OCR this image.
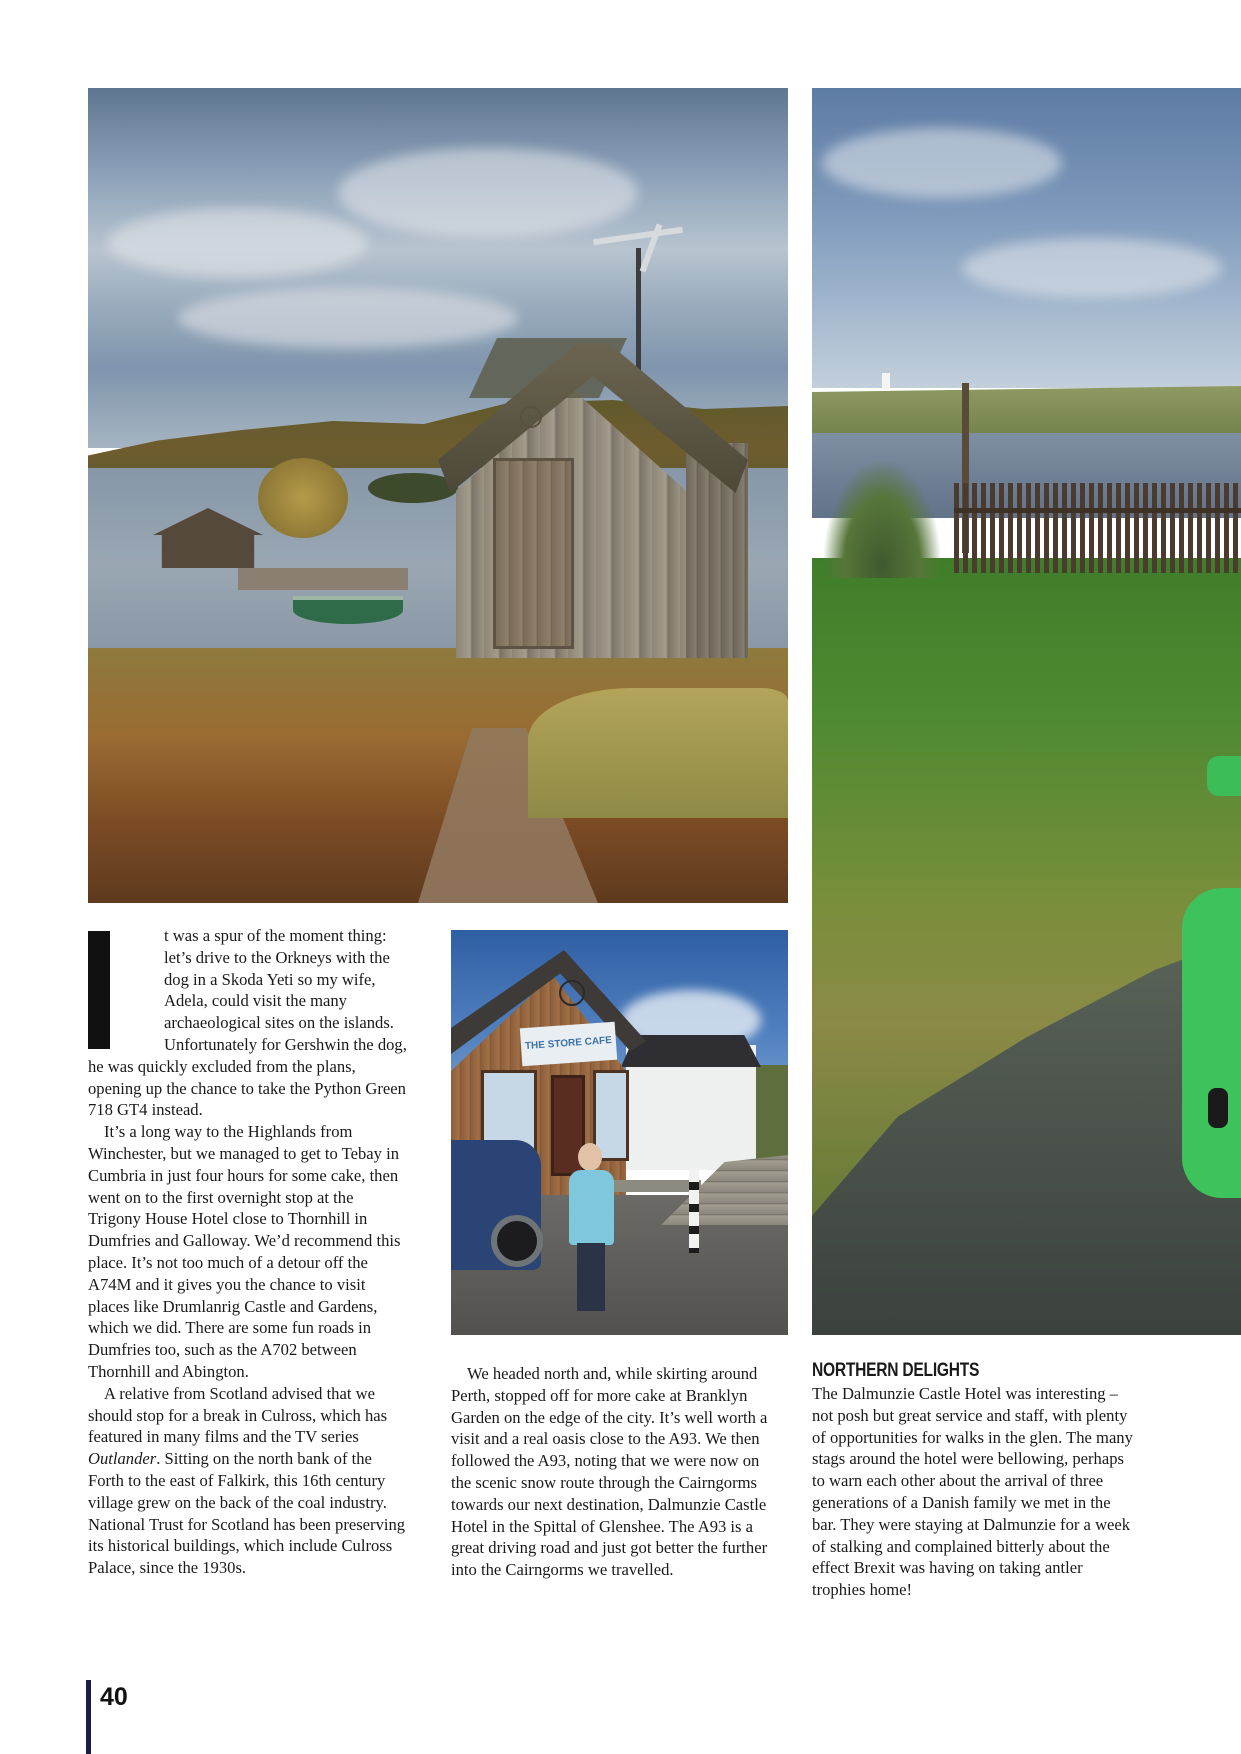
THE STORE CAFE

t was a spur of the moment thing: let’s drive to the Orkneys with the dog in a Skoda Yeti so my wife, Adela, could visit the many archaeological sites on the islands. Unfortunately for Gershwin the dog, he was quickly excluded from the plans, opening up the chance to take the Python Green 718 GT4 instead.

It’s a long way to the Highlands from Winchester, but we managed to get to Tebay in Cumbria in just four hours for some cake, then went on to the first overnight stop at the Trigony House Hotel close to Thornhill in Dumfries and Galloway. We’d recommend this place. It’s not too much of a detour off the A74M and it gives you the chance to visit places like Drumlanrig Castle and Gardens, which we did. There are some fun roads in Dumfries too, such as the A702 between Thornhill and Abington.

A relative from Scotland advised that we should stop for a break in Culross, which has featured in many films and the TV series Outlander. Sitting on the north bank of the Forth to the east of Falkirk, this 16th century village grew on the back of the coal industry. National Trust for Scotland has been preserving its historical buildings, which include Culross Palace, since the 1930s.

We headed north and, while skirting around Perth, stopped off for more cake at Branklyn Garden on the edge of the city. It’s well worth a visit and a real oasis close to the A93. We then followed the A93, noting that we were now on the scenic snow route through the Cairngorms towards our next destination, Dalmunzie Castle Hotel in the Spittal of Glenshee. The A93 is a great driving road and just got better the further into the Cairngorms we travelled.

NORTHERN DELIGHTS

The Dalmunzie Castle Hotel was interesting – not posh but great service and staff, with plenty of opportunities for walks in the glen. The many stags around the hotel were bellowing, perhaps to warn each other about the arrival of three generations of a Danish family we met in the bar. They were staying at Dalmunzie for a week of stalking and complained bitterly about the effect Brexit was having on taking antler trophies home!

40
